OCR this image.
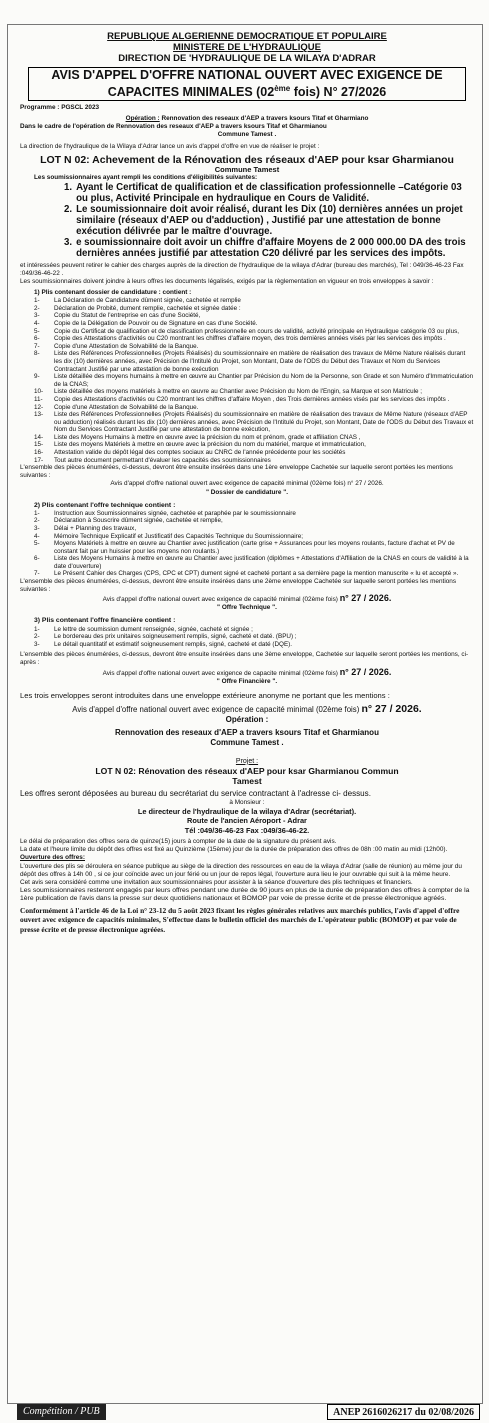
REPUBLIQUE ALGERIENNE DEMOCRATIQUE ET POPULAIRE
MINISTERE DE L'HYDRAULIQUE
DIRECTION DE 'HYDRAULIQUE DE LA WILAYA D'ADRAR
AVIS D'APPEL D'OFFRE NATIONAL OUVERT AVEC EXIGENCE DE
CAPACITES MINIMALES (02ème fois) N° 27/2026
Programme : PGSCL 2023
Opération : Rennovation des reseaux d'AEP a travers ksours Titaf et Gharmiano
Dans le cadre de l'opération de Rennovation des reseaux d'AEP a travers ksours Titaf et Gharmianou
Commune Tamest .
La direction de l'hydraulique de la Wilaya d'Adrar lance un avis d'appel d'offre en vue de réaliser le projet :
LOT N 02: Achevement de la Rénovation des réseaux d'AEP pour ksar Gharmianou
Commune Tamest
Les soumissionnaires ayant rempli les conditions d'éligibilités suivantes:
1. Ayant le Certificat de qualification et de classification professionnelle –Catégorie 03 ou plus, Activité Principale en hydraulique en Cours de Validité.
2. Le soumissionnaire doit avoir réalisé, durant les Dix (10) dernières années un projet similaire (réseaux d'AEP ou d'adduction) , Justifié par une attestation de bonne exécution délivrée par le maître d'ouvrage.
3. e soumissionnaire doit avoir un chiffre d'affaire Moyens de 2 000 000.00 DA des trois dernières années justifié par attestation C20 délivré par les services des impôts.
et intéressées peuvent retirer le cahier des charges auprès de la direction de l'hydraulique de la wilaya d'Adrar (bureau des marchés), Tel : 049/36-46-23 Fax :049/36-46-22 .
Les soumissionnaires doivent joindre à leurs offres les documents légalisés, exigés par la règlementation en vigueur en trois enveloppes à savoir :
1) Plis contenant dossier de candidature : contient :
1-	La Déclaration de Candidature dûment signée, cachetée et remplie
2-	Déclaration de Probité, dument remplie, cachetée et signée datée :
3-	Copie du Statut de l'entreprise en cas d'une Société,
4-	Copie de la Délégation de Pouvoir ou de Signature en cas d'une Société.
5-	Copie du Certificat de qualification et de classification professionnelle en cours de validité, activité principale en Hydraulique catégorie 03 ou plus,
6-	Copie des Attestations d'activités ou C20 montrant les chiffres d'affaire moyen, des trois dernières années visés par les services des impôts .
7-	Copie d'une Attestation de Solvabilité de la Banque.
8-	Liste des Références Professionnelles (Projets Réalisés) du soumissionnaire en matière de réalisation des travaux de Même Nature réalisés durant les dix (10) dernières années, avec Précision de l'Intitulé du Projet, son Montant, Date de l'ODS du Début des Travaux et Nom du Services Contractant Justifié par une attestation de bonne exécution
9-	Liste détaillée des moyens humains à mettre en œuvre au Chantier par Précision du Nom de la Personne, son Grade et son Numéro d'Immatriculation de la CNAS;
10-	Liste détaillée des moyens matériels à mettre en œuvre au Chantier avec Précision du Nom de l'Engin, sa Marque et son Matricule ;
11-	Copie des Attestations d'activités ou C20 montrant les chiffres d'affaire Moyen , des Trois dernières années visés par les services des impôts .
12-	Copie d'une Attestation de Solvabilité de la Banque.
13-	Liste des Références Professionnelles (Projets Réalisés) du soumissionnaire en matière de réalisation des travaux de Même Nature (réseaux d'AEP ou adduction) réalisés durant les dix (10) dernières années, avec Précision de l'Intitulé du Projet, son Montant, Date de l'ODS du Début des Travaux et Nom du Services Contractant Justifié par une attestation de bonne exécution,
14-	Liste des Moyens Humains à mettre en œuvre avec la précision du nom et prénom, grade et affiliation CNAS ,
15-	Liste des moyens Matériels à mettre en œuvre avec la précision du nom du matériel, marque et immatriculation,
16-	Attestation valide du dépôt légal des comptes sociaux au CNRC de l'année précédente pour les sociétés
17-	Tout autre document permettant d'évaluer les capacités des soumissionnaires
L'ensemble des pièces énumérées, ci-dessus, devront être ensuite insérées dans une 1ère enveloppe Cachetée sur laquelle seront portées les mentions suivantes :
Avis d'appel d'offre national ouvert avec exigence de capacité minimal (02ème fois) n° 27 / 2026.
" Dossier de candidature ".
2) Plis contenant l'offre technique contient :
1-	Instruction aux Soumissionnaires signée, cachetée et paraphée par le soumissionnaire
2-	Déclaration à Souscrire dûment signée, cachetée et remplie,
3-	Délai + Planning des travaux,
4-	Mémoire Technique Explicatif et Justificatif des Capacités Technique du Soumissionnaire;
5-	Moyens Matériels à mettre en œuvre au Chantier avec justification (carte grise + Assurances pour les moyens roulants, facture d'achat et PV de constant fait par un huissier pour les moyens non roulants.)
6-	Liste des Moyens Humains à mettre en œuvre au Chantier avec justification (diplômes + Attestations d'Affiliation de la CNAS en cours de validité à la date d'ouverture)
7-	Le Présent Cahier des Charges (CPS, CPC et CPT) dument signé et cacheté portant a sa dernière page la mention manuscrite « lu et accepté ».
L'ensemble des pièces énumérées, ci-dessus, devront être ensuite insérées dans une 2ème enveloppe Cachetée sur laquelle seront portées les mentions suivantes :
Avis d'appel d'offre national ouvert avec exigence de capacité minimal (02ème fois) n° 27 / 2026.
" Offre Technique ".
3) Plis contenant l'offre financière contient :
1-	Le lettre de soumission dument renseignée, signée, cacheté et signée ;
2-	Le bordereau des prix unitaires soigneusement remplis, signé, cacheté et daté. (BPU) ;
3-	Le détail quantitatif et estimatif soigneusement remplis, signé, cacheté et daté (DQE).
L'ensemble des pièces énumérées, ci-dessus, devront être ensuite insérées dans une 3ème enveloppe, Cachetée sur laquelle seront portées les mentions, ci-après :
Avis d'appel d'offre national ouvert avec exigence de capacite minimal (02ème fois) n° 27 / 2026.
" Offre Financière ".
Les trois enveloppes seront introduites dans une enveloppe extérieure anonyme ne portant que les mentions :
Avis d'appel d'offre national ouvert avec exigence de capacité minimal (02ème fois) n° 27 / 2026.
Opération :
Rennovation des reseaux d'AEP a travers ksours Titaf et Gharmianou
Commune Tamest .
Projet :
LOT N 02: Rénovation des réseaux d'AEP pour ksar Gharmianou Commun
Tamest
Les offres seront déposées au bureau du secrétariat du service contractant à l'adresse ci- dessus.
à Monsieur :
Le directeur de l'hydraulique de la wilaya d'Adrar (secrétariat).
Route de l'ancien Aéroport - Adrar
Tél :049/36-46-23 Fax :049/36-46-22.
Le délai de préparation des offres sera de quinze(15) jours à compter de la date de la signature du présent avis.
La date et l'heure limite du dépôt des offres est fixé au Quinzième (15ème) jour de la durée de préparation des offres de 08h :00 matin au midi (12h00).
Ouverture des offres:
L'ouverture des plis se déroulera en séance publique au siège de la direction des ressources en eau de la wilaya d'Adrar (salle de réunion) au même jour du dépôt des offres à 14h 00 , si ce jour coïncide avec un jour férié ou un jour de repos légal, l'ouverture aura lieu le jour ouvrable qui suit à la même heure.
Cet avis sera considéré comme une invitation aux soumissionnaires pour assister à la séance d'ouverture des plis techniques et financiers.
Les soumissionnaires resteront engagés par leurs offres pendant une durée de 90 jours en plus de la durée de préparation des offres à compter de la 1ère publication de l'avis dans la presse sur deux quotidiens nationaux et BOMOP par voie de presse écrite et de presse électronique agréés.
Conformément à l'article 46 de la Loi n° 23-12 du 5 août 2023 fixant les règles générales relatives aux marchés publics, l'avis d'appel d'offre ouvert avec exigence de capacités minimales, S'effectue dans le bulletin officiel des marchés de L'opérateur public (BOMOP) et par voie de presse écrite et de presse électronique agréées.
Compétition / PUB	ANEP 2616026217 du 02/08/2026
